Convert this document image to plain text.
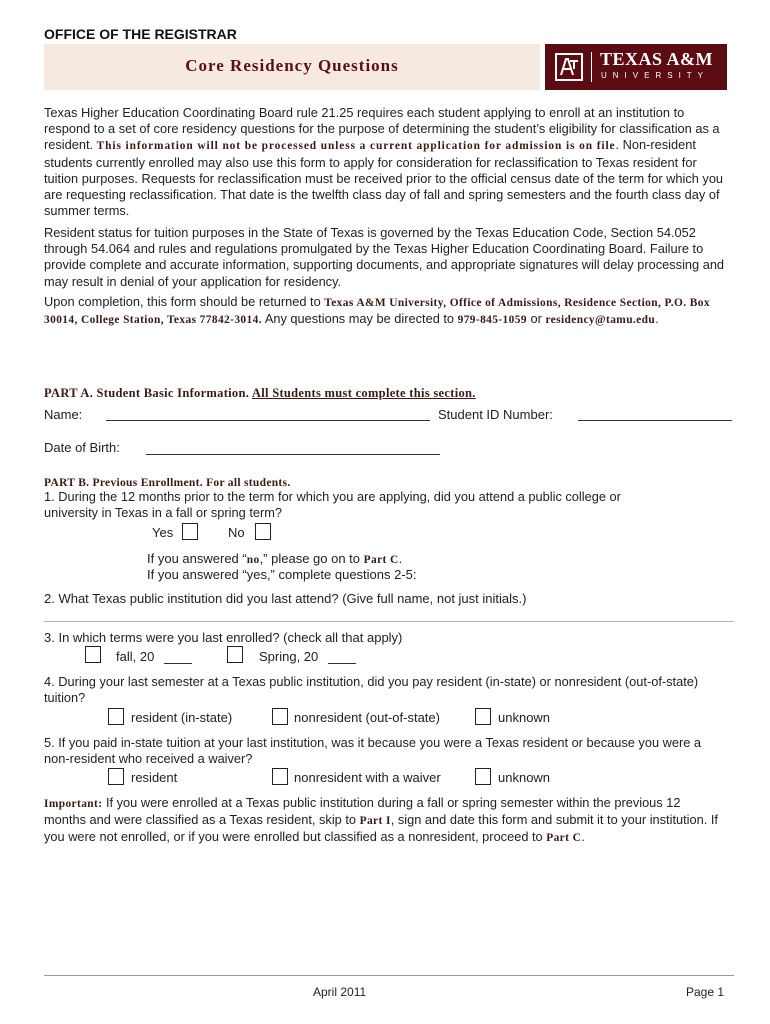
OFFICE OF THE REGISTRAR
Core Residency Questions	TEXAS A&M
UNIVERSITY
Texas Higher Education Coordinating Board rule 21.25 requires each student applying to enroll at an institution to respond to a set of core residency questions for the purpose of determining the student’s eligibility for classification as a resident. This information will not be processed unless a current application for admission is on file. Non-resident students currently enrolled may also use this form to apply for consideration for reclassification to Texas resident for tuition purposes. Requests for reclassification must be received prior to the official census date of the term for which you are requesting reclassification. That date is the twelfth class day of fall and spring semesters and the fourth class day of summer terms.
Resident status for tuition purposes in the State of Texas is governed by the Texas Education Code, Section 54.052 through 54.064 and rules and regulations promulgated by the Texas Higher Education Coordinating Board. Failure to provide complete and accurate information, supporting documents, and appropriate signatures will delay processing and may result in denial of your application for residency.
Upon completion, this form should be returned to Texas A&M University, Office of Admissions, Residence Section, P.O. Box 30014, College Station, Texas 77842-3014. Any questions may be directed to 979-845-1059 or residency@tamu.edu.
PART A. Student Basic Information. All Students must complete this section.
Name:	Student ID Number:
Date of Birth:
PART B. Previous Enrollment. For all students.
1. During the 12 months prior to the term for which you are applying, did you attend a public college or university in Texas in a fall or spring term?
Yes	No
If you answered “no,” please go on to Part C.
If you answered “yes,” complete questions 2-5:
2. What Texas public institution did you last attend? (Give full name, not just initials.)
3. In which terms were you last enrolled? (check all that apply)
fall, 20	Spring, 20
4. During your last semester at a Texas public institution, did you pay resident (in-state) or nonresident (out-of-state) tuition?
resident (in-state)	nonresident (out-of-state)	unknown
5. If you paid in-state tuition at your last institution, was it because you were a Texas resident or because you were a non-resident who received a waiver?
resident	nonresident with a waiver	unknown
Important: If you were enrolled at a Texas public institution during a fall or spring semester within the previous 12 months and were classified as a Texas resident, skip to Part I, sign and date this form and submit it to your institution. If you were not enrolled, or if you were enrolled but classified as a nonresident, proceed to Part C.
April 2011	Page 1
